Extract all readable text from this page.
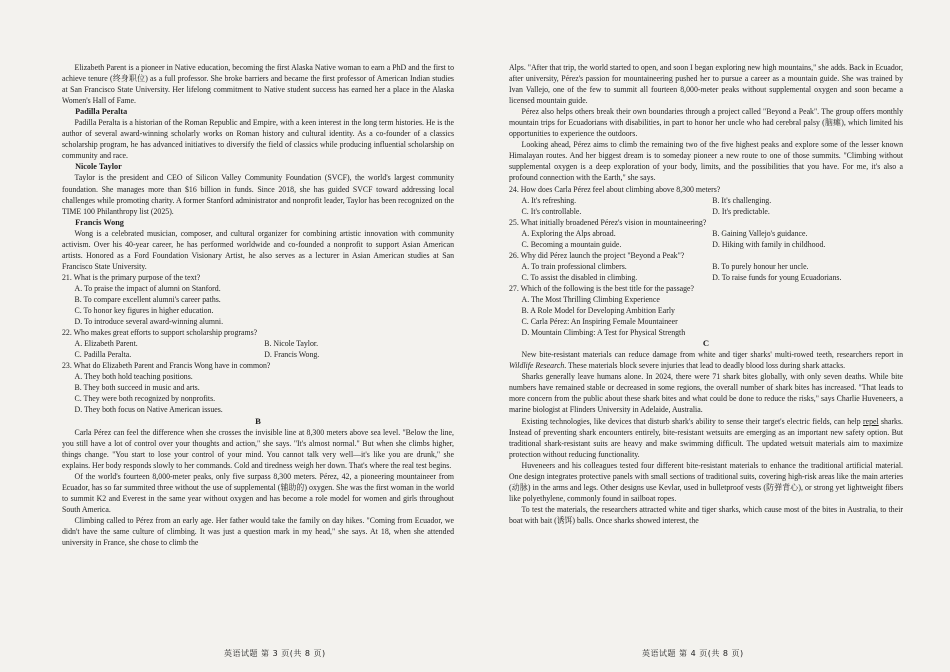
Elizabeth Parent is a pioneer in Native education, becoming the first Alaska Native woman to earn a PhD and the first to achieve tenure (终身职位) as a full professor. She broke barriers and became the first professor of American Indian studies at San Francisco State University. Her lifelong commitment to Native student success has earned her a place in the Alaska Women's Hall of Fame.

Padilla Peralta

Padilla Peralta is a historian of the Roman Republic and Empire, with a keen interest in the long term histories. He is the author of several award-winning scholarly works on Roman history and cultural identity. As a co-founder of a classics scholarship program, he has advanced initiatives to diversify the field of classics while producing influential scholarship on community and race.

Nicole Taylor

Taylor is the president and CEO of Silicon Valley Community Foundation (SVCF), the world's largest community foundation. She manages more than $16 billion in funds. Since 2018, she has guided SVCF toward addressing local challenges while promoting charity. A former Stanford administrator and nonprofit leader, Taylor has been recognized on the TIME 100 Philanthropy list (2025).

Francis Wong

Wong is a celebrated musician, composer, and cultural organizer for combining artistic innovation with community activism. Over his 40-year career, he has performed worldwide and co-founded a nonprofit to support Asian American artists. Honored as a Ford Foundation Visionary Artist, he also serves as a lecturer in Asian American studies at San Francisco State University.

21. What is the primary purpose of the text?
A. To praise the impact of alumni on Stanford.
B. To compare excellent alumni's career paths.
C. To honor key figures in higher education.
D. To introduce several award-winning alumni.
22. Who makes great efforts to support scholarship programs?
A. Elizabeth Parent.	B. Nicole Taylor.
C. Padilla Peralta.	D. Francis Wong.
23. What do Elizabeth Parent and Francis Wong have in common?
A. They both hold teaching positions.
B. They both succeed in music and arts.
C. They were both recognized by nonprofits.
D. They both focus on Native American issues.
B

Carla Pérez can feel the difference when she crosses the invisible line at 8,300 meters above sea level. "Below the line, you still have a lot of control over your thoughts and action," she says. "It's almost normal." But when she climbs higher, things change. "You start to lose your control of your mind. You cannot talk very well—it's like you are drunk," she explains. Her body responds slowly to her commands. Cold and tiredness weigh her down. That's where the real test begins.

Of the world's fourteen 8,000-meter peaks, only five surpass 8,300 meters. Pérez, 42, a pioneering mountaineer from Ecuador, has so far summited three without the use of supplemental (辅助的) oxygen. She was the first woman in the world to summit K2 and Everest in the same year without oxygen and has become a role model for women and girls throughout South America.

Climbing called to Pérez from an early age. Her father would take the family on day hikes. "Coming from Ecuador, we didn't have the same culture of climbing. It was just a question mark in my head," she says. At 18, when she attended university in France, she chose to climb the

Alps. "After that trip, the world started to open, and soon I began exploring new high mountains," she adds. Back in Ecuador, after university, Pérez's passion for mountaineering pushed her to pursue a career as a mountain guide. She was trained by Ivan Vallejo, one of the few to summit all fourteen 8,000-meter peaks without supplemental oxygen and soon became a licensed mountain guide.

Pérez also helps others break their own boundaries through a project called "Beyond a Peak". The group offers monthly mountain trips for Ecuadorians with disabilities, in part to honor her uncle who had cerebral palsy (脑瘫), which limited his opportunities to experience the outdoors.

Looking ahead, Pérez aims to climb the remaining two of the five highest peaks and explore some of the lesser known Himalayan routes. And her biggest dream is to someday pioneer a new route to one of those summits. "Climbing without supplemental oxygen is a deep exploration of your body, limits, and the possibilities that you have. For me, it's also a profound connection with the Earth," she says.

24. How does Carla Pérez feel about climbing above 8,300 meters?
A. It's refreshing.	B. It's challenging.
C. It's controllable.	D. It's predictable.
25. What initially broadened Pérez's vision in mountaineering?
A. Exploring the Alps abroad.	B. Gaining Vallejo's guidance.
C. Becoming a mountain guide.	D. Hiking with family in childhood.
26. Why did Pérez launch the project "Beyond a Peak"?
A. To train professional climbers.	B. To purely honour her uncle.
C. To assist the disabled in climbing.	D. To raise funds for young Ecuadorians.
27. Which of the following is the best title for the passage?
A. The Most Thrilling Climbing Experience
B. A Role Model for Developing Ambition Early
C. Carla Pérez: An Inspiring Female Mountaineer
D. Mountain Climbing: A Test for Physical Strength
C

New bite-resistant materials can reduce damage from white and tiger sharks' multi-rowed teeth, researchers report in Wildlife Research. These materials block severe injuries that lead to deadly blood loss during shark attacks.

Sharks generally leave humans alone. In 2024, there were 71 shark bites globally, with only seven deaths. While bite numbers have remained stable or decreased in some regions, the overall number of shark bites has increased. "That leads to more concern from the public about these shark bites and what could be done to reduce the risks," says Charlie Huveneers, a marine biologist at Flinders University in Adelaide, Australia.

Existing technologies, like devices that disturb shark's ability to sense their target's electric fields, can help repel sharks. Instead of preventing shark encounters entirely, bite-resistant wetsuits are emerging as an important new safety option. But traditional shark-resistant suits are heavy and make swimming difficult. The updated wetsuit materials aim to maximize protection without reducing functionality.

Huveneers and his colleagues tested four different bite-resistant materials to enhance the traditional artificial material. One design integrates protective panels with small sections of traditional suits, covering high-risk areas like the main arteries (动脉) in the arms and legs. Other designs use Kevlar, used in bulletproof vests (防弹背心), or strong yet lightweight fibers like polyethylene, commonly found in sailboat ropes.

To test the materials, the researchers attracted white and tiger sharks, which cause most of the bites in Australia, to their boat with bait (诱饵) balls. Once sharks showed interest, the

英语试题 第 3 页(共 8 页)	英语试题 第 4 页(共 8 页)
